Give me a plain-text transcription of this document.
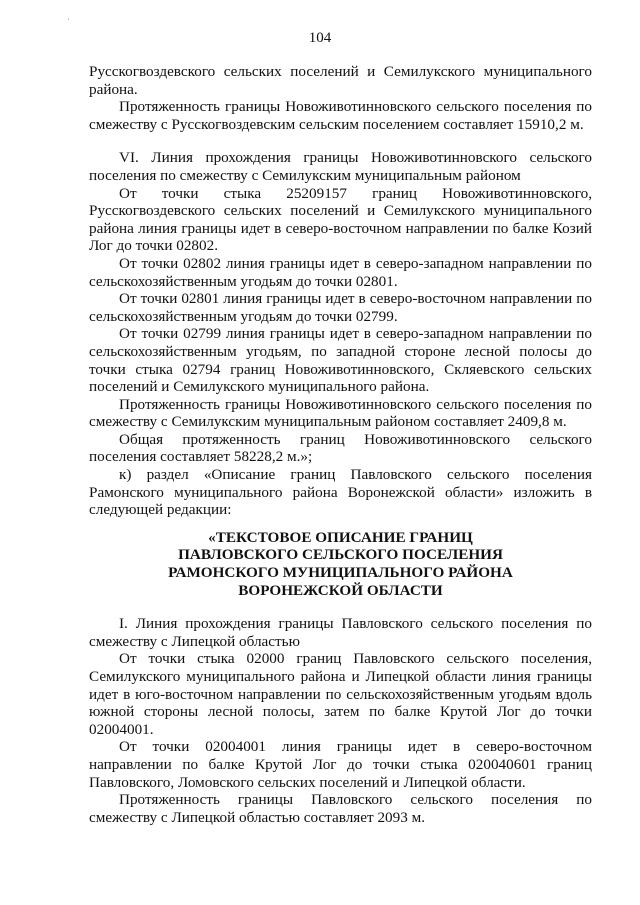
104

Русскогвоздевского сельских поселений и Семилукского муниципального района.

Протяженность границы Новоживотинновского сельского поселения по смежеству с Русскогвоздевским сельским поселением составляет 15910,2 м.

VI. Линия прохождения границы Новоживотинновского сельского поселения по смежеству с Семилукским муниципальным районом

От точки стыка 25209157 границ Новоживотинновского, Русскогвоздевского сельских поселений и Семилукского муниципального района линия границы идет в северо-восточном направлении по балке Козий Лог до точки 02802.

От точки 02802 линия границы идет в северо-западном направлении по сельскохозяйственным угодьям до точки 02801.

От точки 02801 линия границы идет в северо-восточном направлении по сельскохозяйственным угодьям до точки 02799.

От точки 02799 линия границы идет в северо-западном направлении по сельскохозяйственным угодьям, по западной стороне лесной полосы до точки стыка 02794 границ Новоживотинновского, Скляевского сельских поселений и Семилукского муниципального района.

Протяженность границы Новоживотинновского сельского поселения по смежеству с Семилукским муниципальным районом составляет 2409,8 м.

Общая протяженность границ Новоживотинновского сельского поселения составляет 58228,2 м.»;

к) раздел «Описание границ Павловского сельского поселения Рамонского муниципального района Воронежской области» изложить в следующей редакции:

«ТЕКСТОВОЕ ОПИСАНИЕ ГРАНИЦ
ПАВЛОВСКОГО СЕЛЬСКОГО ПОСЕЛЕНИЯ
РАМОНСКОГО МУНИЦИПАЛЬНОГО РАЙОНА
ВОРОНЕЖСКОЙ ОБЛАСТИ

I. Линия прохождения границы Павловского сельского поселения по смежеству с Липецкой областью

От точки стыка 02000 границ Павловского сельского поселения, Семилукского муниципального района и Липецкой области линия границы идет в юго-восточном направлении по сельскохозяйственным угодьям вдоль южной стороны лесной полосы, затем по балке Крутой Лог до точки 02004001.

От точки 02004001 линия границы идет в северо-восточном направлении по балке Крутой Лог до точки стыка 020040601 границ Павловского, Ломовского сельских поселений и Липецкой области.

Протяженность границы Павловского сельского поселения по смежеству с Липецкой областью составляет 2093 м.
